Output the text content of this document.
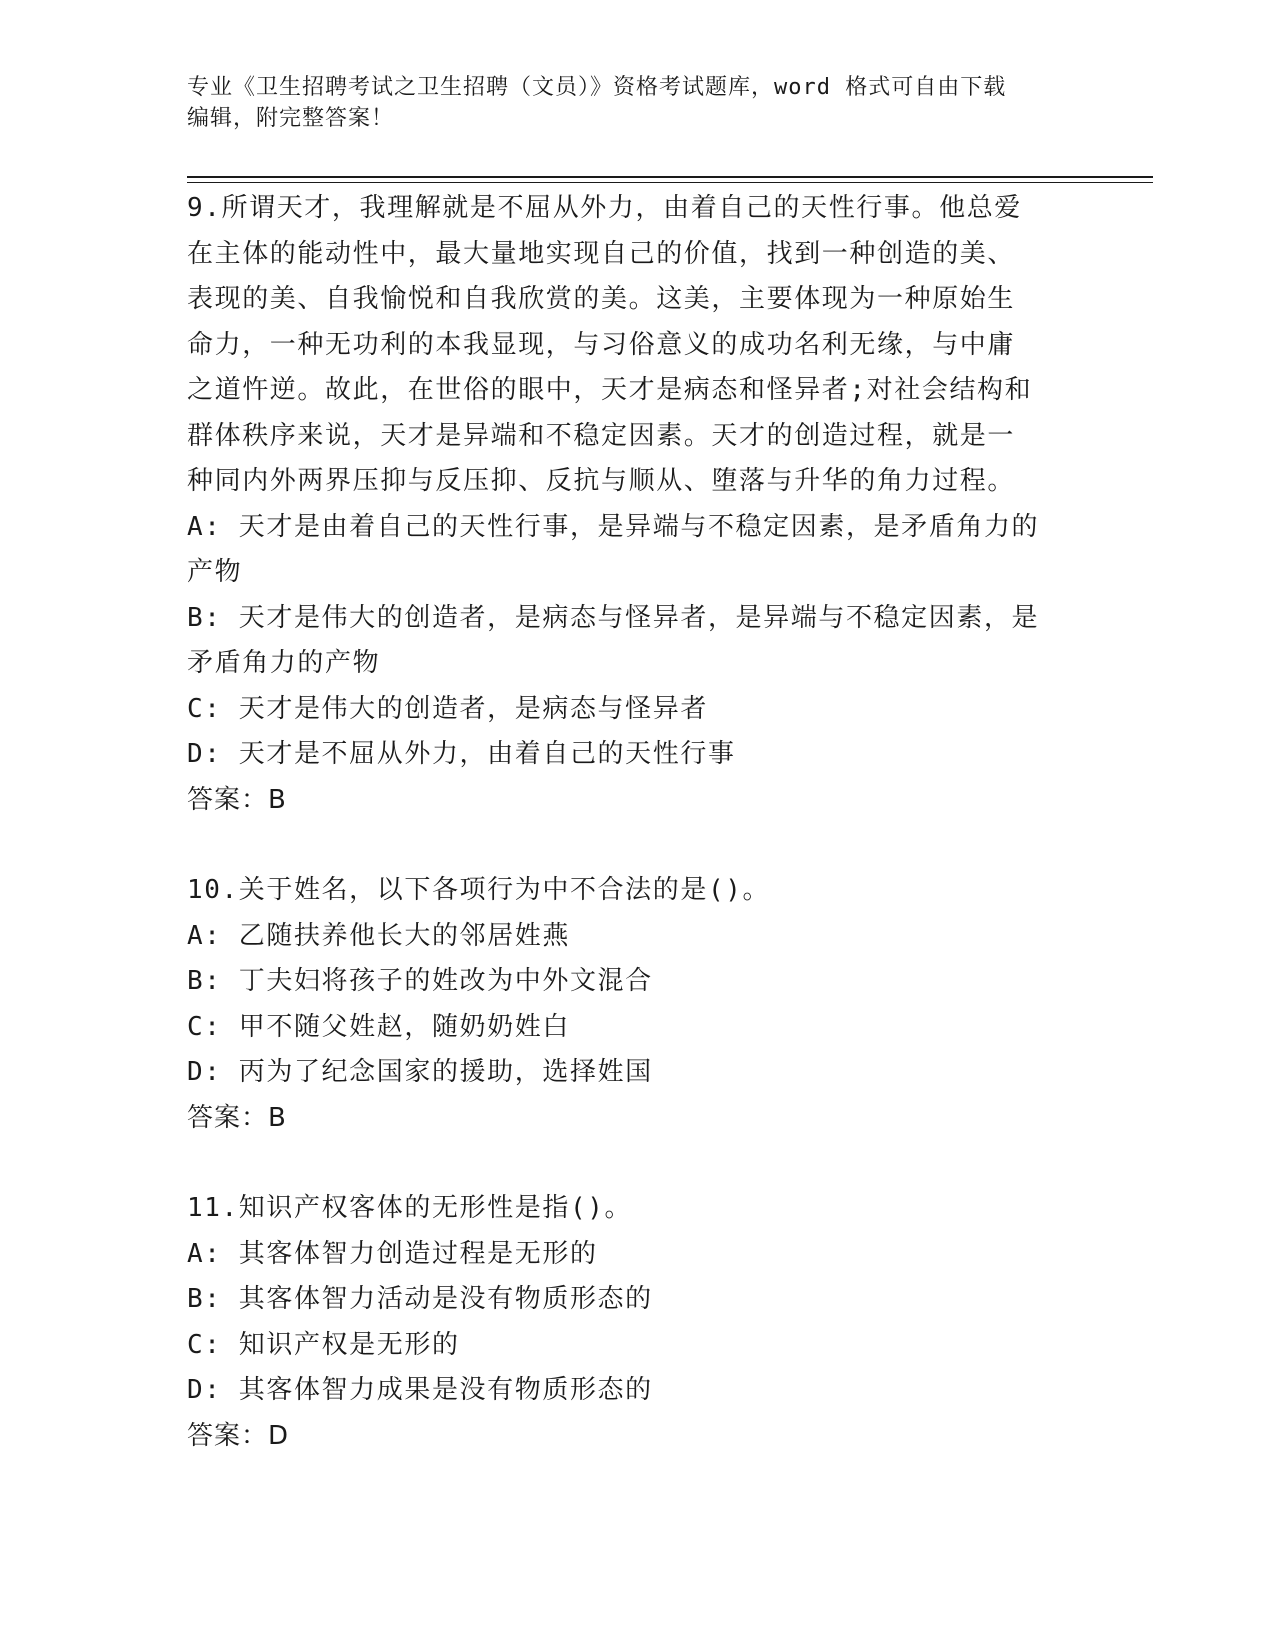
专业《卫生招聘考试之卫生招聘（文员）》资格考试题库，word 格式可自由下载
编辑，附完整答案！
9.所谓天才，我理解就是不屈从外力，由着自己的天性行事。他总爱
在主体的能动性中，最大量地实现自己的价值，找到一种创造的美、
表现的美、自我愉悦和自我欣赏的美。这美，主要体现为一种原始生
命力，一种无功利的本我显现，与习俗意义的成功名利无缘，与中庸
之道忤逆。故此，在世俗的眼中，天才是病态和怪异者;对社会结构和
群体秩序来说，天才是异端和不稳定因素。天才的创造过程，就是一
种同内外两界压抑与反压抑、反抗与顺从、堕落与升华的角力过程。
A: 天才是由着自己的天性行事，是异端与不稳定因素，是矛盾角力的
产物
B: 天才是伟大的创造者，是病态与怪异者，是异端与不稳定因素，是
矛盾角力的产物
C: 天才是伟大的创造者，是病态与怪异者
D: 天才是不屈从外力，由着自己的天性行事
答案：B
10.关于姓名，以下各项行为中不合法的是()。
A: 乙随扶养他长大的邻居姓燕
B: 丁夫妇将孩子的姓改为中外文混合
C: 甲不随父姓赵，随奶奶姓白
D: 丙为了纪念国家的援助，选择姓国
答案：B
11.知识产权客体的无形性是指()。
A: 其客体智力创造过程是无形的
B: 其客体智力活动是没有物质形态的
C: 知识产权是无形的
D: 其客体智力成果是没有物质形态的
答案：D
